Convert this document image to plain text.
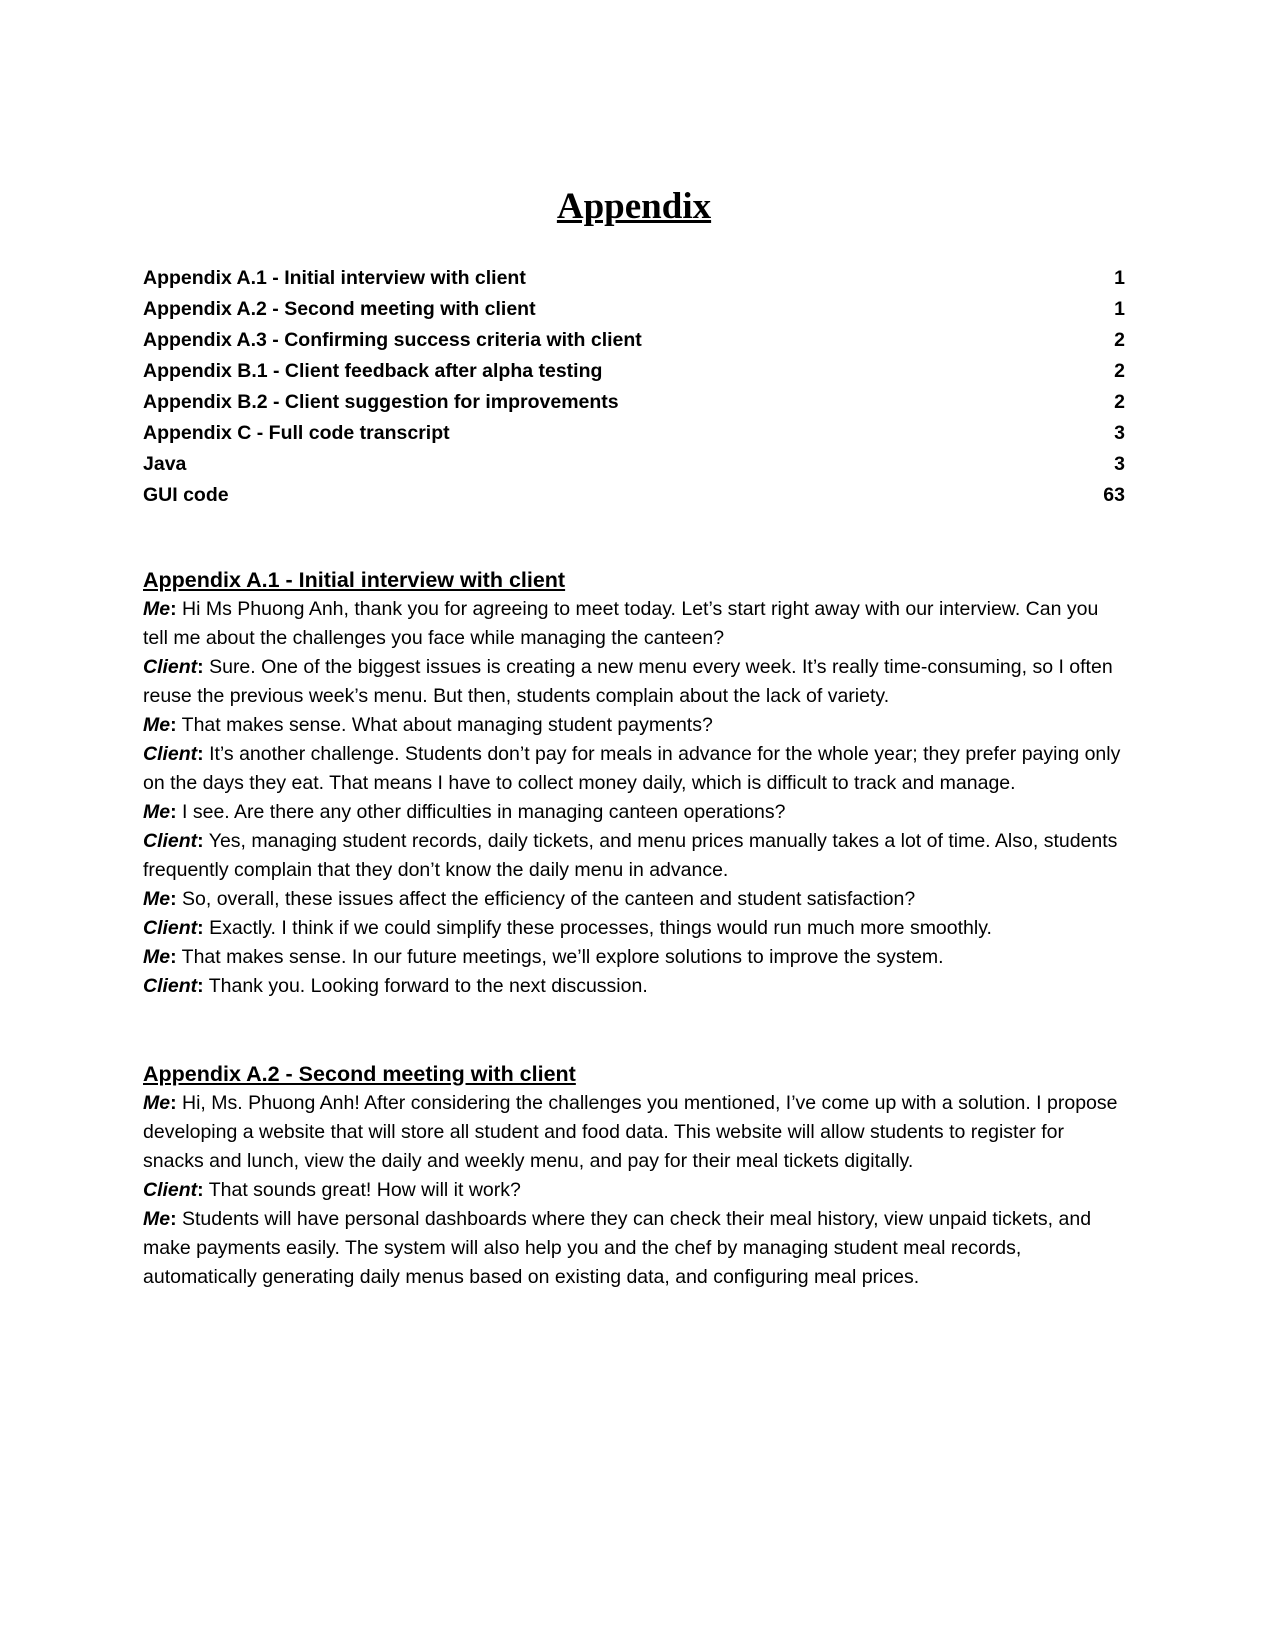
Appendix
Appendix A.1 - Initial interview with client	1
Appendix A.2 - Second meeting with client	1
Appendix A.3 - Confirming success criteria with client	2
Appendix B.1 - Client feedback after alpha testing	2
Appendix B.2 - Client suggestion for improvements	2
Appendix C - Full code transcript	3
Java	3
GUI code	63
Appendix A.1 - Initial interview with client

Me: Hi Ms Phuong Anh, thank you for agreeing to meet today. Let’s start right away with our interview. Can you tell me about the challenges you face while managing the canteen?

Client: Sure. One of the biggest issues is creating a new menu every week. It’s really time-consuming, so I often reuse the previous week’s menu. But then, students complain about the lack of variety.

Me: That makes sense. What about managing student payments?

Client: It’s another challenge. Students don’t pay for meals in advance for the whole year; they prefer paying only on the days they eat. That means I have to collect money daily, which is difficult to track and manage.

Me: I see. Are there any other difficulties in managing canteen operations?

Client: Yes, managing student records, daily tickets, and menu prices manually takes a lot of time. Also, students frequently complain that they don’t know the daily menu in advance.

Me: So, overall, these issues affect the efficiency of the canteen and student satisfaction?

Client: Exactly. I think if we could simplify these processes, things would run much more smoothly.

Me: That makes sense. In our future meetings, we’ll explore solutions to improve the system.

Client: Thank you. Looking forward to the next discussion.

Appendix A.2 - Second meeting with client

Me: Hi, Ms. Phuong Anh! After considering the challenges you mentioned, I’ve come up with a solution. I propose developing a website that will store all student and food data. This website will allow students to register for snacks and lunch, view the daily and weekly menu, and pay for their meal tickets digitally.

Client: That sounds great! How will it work?

Me: Students will have personal dashboards where they can check their meal history, view unpaid tickets, and make payments easily. The system will also help you and the chef by managing student meal records, automatically generating daily menus based on existing data, and configuring meal prices.
